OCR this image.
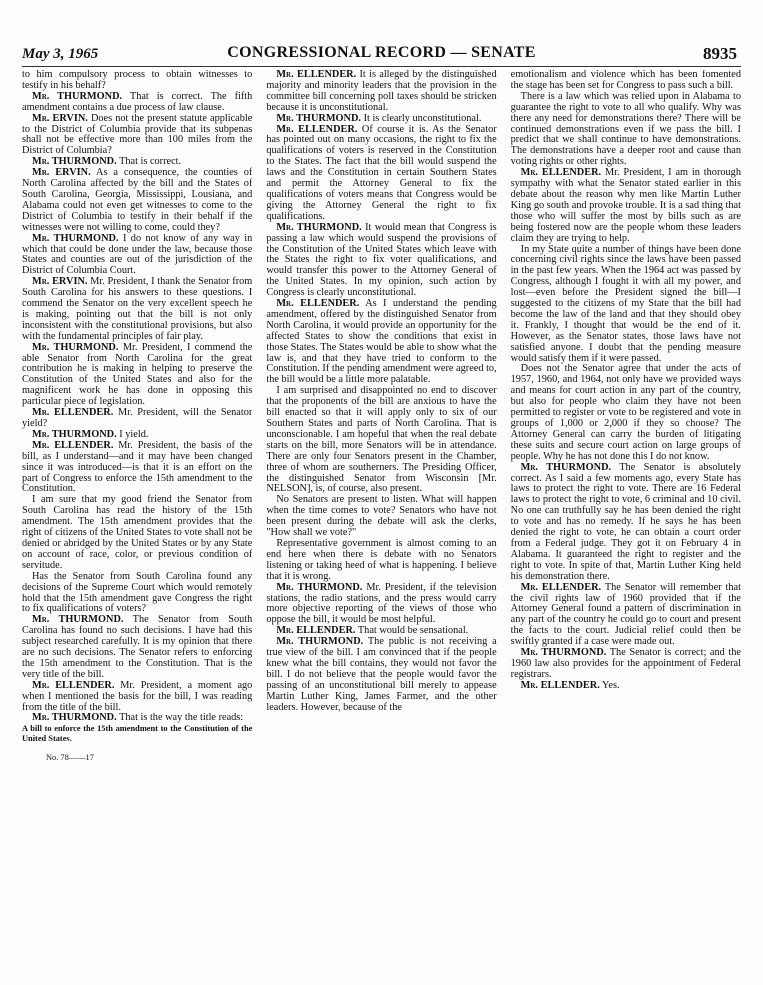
May 3, 1965	CONGRESSIONAL RECORD — SENATE	8935

to him compulsory process to obtain witnesses to testify in his behalf?

Mr. THURMOND. That is correct. The fifth amendment contains a due process of law clause.

Mr. ERVIN. Does not the present statute applicable to the District of Columbia provide that its subpenas shall not be effective more than 100 miles from the District of Columbia?

Mr. THURMOND. That is correct.

Mr. ERVIN. As a consequence, the counties of North Carolina affected by the bill and the States of South Carolina, Georgia, Mississippi, Lousiana, and Alabama could not even get witnesses to come to the District of Columbia to testify in their behalf if the witnesses were not willing to come, could they?

Mr. THURMOND. I do not know of any way in which that could be done under the law, because those States and counties are out of the jurisdiction of the District of Columbia Court.

Mr. ERVIN. Mr. President, I thank the Senator from South Carolina for his answers to these questions. I commend the Senator on the very excellent speech he is making, pointing out that the bill is not only inconsistent with the constitutional provisions, but also with the fundamental principles of fair play.

Mr. THURMOND. Mr. President, I commend the able Senator from North Carolina for the great contribution he is making in helping to preserve the Constitution of the United States and also for the magnificent work he has done in opposing this particular piece of legislation.

Mr. ELLENDER. Mr. President, will the Senator yield?

Mr. THURMOND. I yield.

Mr. ELLENDER. Mr. President, the basis of the bill, as I understand—and it may have been changed since it was introduced—is that it is an effort on the part of Congress to enforce the 15th amendment to the Constitution.

I am sure that my good friend the Senator from South Carolina has read the history of the 15th amendment. The 15th amendment provides that the right of citizens of the United States to vote shall not be denied or abridged by the United States or by any State on account of race, color, or previous condition of servitude.

Has the Senator from South Carolina found any decisions of the Supreme Court which would remotely hold that the 15th amendment gave Congress the right to fix qualifications of voters?

Mr. THURMOND. The Senator from South Carolina has found no such decisions. I have had this subject researched carefully. It is my opinion that there are no such decisions. The Senator refers to enforcing the 15th amendment to the Constitution. That is the very title of the bill.

Mr. ELLENDER. Mr. President, a moment ago when I mentioned the basis for the bill, I was reading from the title of the bill.

Mr. THURMOND. That is the way the title reads:

A bill to enforce the 15th amendment to the Constitution of the United States.

No. 78——17

Mr. ELLENDER. It is alleged by the distinguished majority and minority leaders that the provision in the committee bill concerning poll taxes should be stricken because it is unconstitutional.

Mr. THURMOND. It is clearly unconstitutional.

Mr. ELLENDER. Of course it is. As the Senator has pointed out on many occasions, the right to fix the qualifications of voters is reserved in the Constitution to the States. The fact that the bill would suspend the laws and the Constitution in certain Southern States and permit the Attorney General to fix the qualifications of voters means that Congress would be giving the Attorney General the right to fix qualifications.

Mr. THURMOND. It would mean that Congress is passing a law which would suspend the provisions of the Constitution of the United States which leave with the States the right to fix voter qualifications, and would transfer this power to the Attorney General of the United States. In my opinion, such action by Congress is clearly unconstitutional.

Mr. ELLENDER. As I understand the pending amendment, offered by the distinguished Senator from North Carolina, it would provide an opportunity for the affected States to show the conditions that exist in those States. The States would be able to show what the law is, and that they have tried to conform to the Constitution. If the pending amendment were agreed to, the bill would be a little more palatable.

I am surprised and disappointed no end to discover that the proponents of the bill are anxious to have the bill enacted so that it will apply only to six of our Southern States and parts of North Carolina. That is unconscionable. I am hopeful that when the real debate starts on the bill, more Senators will be in attendance. There are only four Senators present in the Chamber, three of whom are southerners. The Presiding Officer, the distinguished Senator from Wisconsin [Mr. NELSON], is, of course, also present.

No Senators are present to listen. What will happen when the time comes to vote? Senators who have not been present during the debate will ask the clerks, "How shall we vote?"

Representative government is almost coming to an end here when there is debate with no Senators listening or taking heed of what is happening. I believe that it is wrong.

Mr. THURMOND. Mr. President, if the television stations, the radio stations, and the press would carry more objective reporting of the views of those who oppose the bill, it would be most helpful.

Mr. ELLENDER. That would be sensational.

Mr. THURMOND. The public is not receiving a true view of the bill. I am convinced that if the people knew what the bill contains, they would not favor the bill. I do not believe that the people would favor the passing of an unconstitutional bill merely to appease Martin Luther King, James Farmer, and the other leaders. However, because of the

emotionalism and violence which has been fomented the stage has been set for Congress to pass such a bill.

There is a law which was relied upon in Alabama to guarantee the right to vote to all who qualify. Why was there any need for demonstrations there? There will be continued demonstrations even if we pass the bill. I predict that we shall continue to have demonstrations. The demonstrations have a deeper root and cause than voting rights or other rights.

Mr. ELLENDER. Mr. President, I am in thorough sympathy with what the Senator stated earlier in this debate about the reason why men like Martin Luther King go south and provoke trouble. It is a sad thing that those who will suffer the most by bills such as are being fostered now are the people whom these leaders claim they are trying to help.

In my State quite a number of things have been done concerning civil rights since the laws have been passed in the past few years. When the 1964 act was passed by Congress, although I fought it with all my power, and lost—even before the President signed the bill—I suggested to the citizens of my State that the bill had become the law of the land and that they should obey it. Frankly, I thought that would be the end of it. However, as the Senator states, those laws have not satisfied anyone. I doubt that the pending measure would satisfy them if it were passed.

Does not the Senator agree that under the acts of 1957, 1960, and 1964, not only have we provided ways and means for court action in any part of the country, but also for people who claim they have not been permitted to register or vote to be registered and vote in groups of 1,000 or 2,000 if they so choose? The Attorney General can carry the burden of litigating these suits and secure court action on large groups of people. Why he has not done this I do not know.

Mr. THURMOND. The Senator is absolutely correct. As I said a few moments ago, every State has laws to protect the right to vote. There are 16 Federal laws to protect the right to vote, 6 criminal and 10 civil. No one can truthfully say he has been denied the right to vote and has no remedy. If he says he has been denied the right to vote, he can obtain a court order from a Federal judge. They got it on February 4 in Alabama. It guaranteed the right to register and the right to vote. In spite of that, Martin Luther King held his demonstration there.

Mr. ELLENDER. The Senator will remember that the civil rights law of 1960 provided that if the Attorney General found a pattern of discrimination in any part of the country he could go to court and present the facts to the court. Judicial relief could then be swiftly granted if a case were made out.

Mr. THURMOND. The Senator is correct; and the 1960 law also provides for the appointment of Federal registrars.

Mr. ELLENDER. Yes.
